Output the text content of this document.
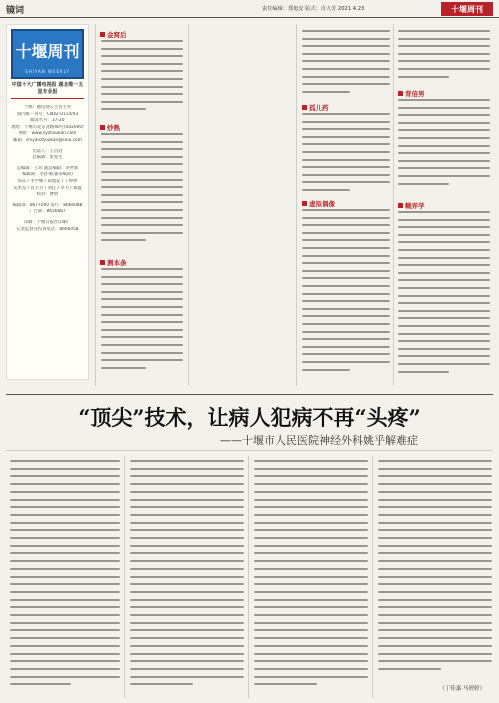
镜词	责任编辑：郑旭安 版式：肖大芳 2021.4.23	十堰周刊
十堰周刊
SHIYAN WEEKLY
中国十大广播电视报 湖北唯一五星专业报
十堰广播电视公主管主办
国内统一刊号：CN42-0114/03
邮发代号：37-20
地址：十堰市北京北路40号(442000)
网址：www.syzhoukan.com
邮箱：shiyanzhoukan@sina.com
出品人：王昌昌
总编辑：张宪生
总编辑：王玮 副总编辑：李世辉
编辑部：李济领(兼采编部)
周末 / 李学峰 / 郑旭安 / 丁婷婷
美术室 / 肖大芳 / 刘佳 / 李力 / 郑鑫
校对：曹明
编辑部：8677000 发行：8666088
广告部：8656687
印刷：十堰日报社印刷厂
记者监督及投诉电话：8666058
金窝后
炒熟
测本条
孤儿药
虚拟偶像
背信男
糊弄学
“顶尖”技术，让病人犯病不再“头疼”
——十堰市人民医院神经外科姚乎解难症
（丁佳嘉 马婷婷）
